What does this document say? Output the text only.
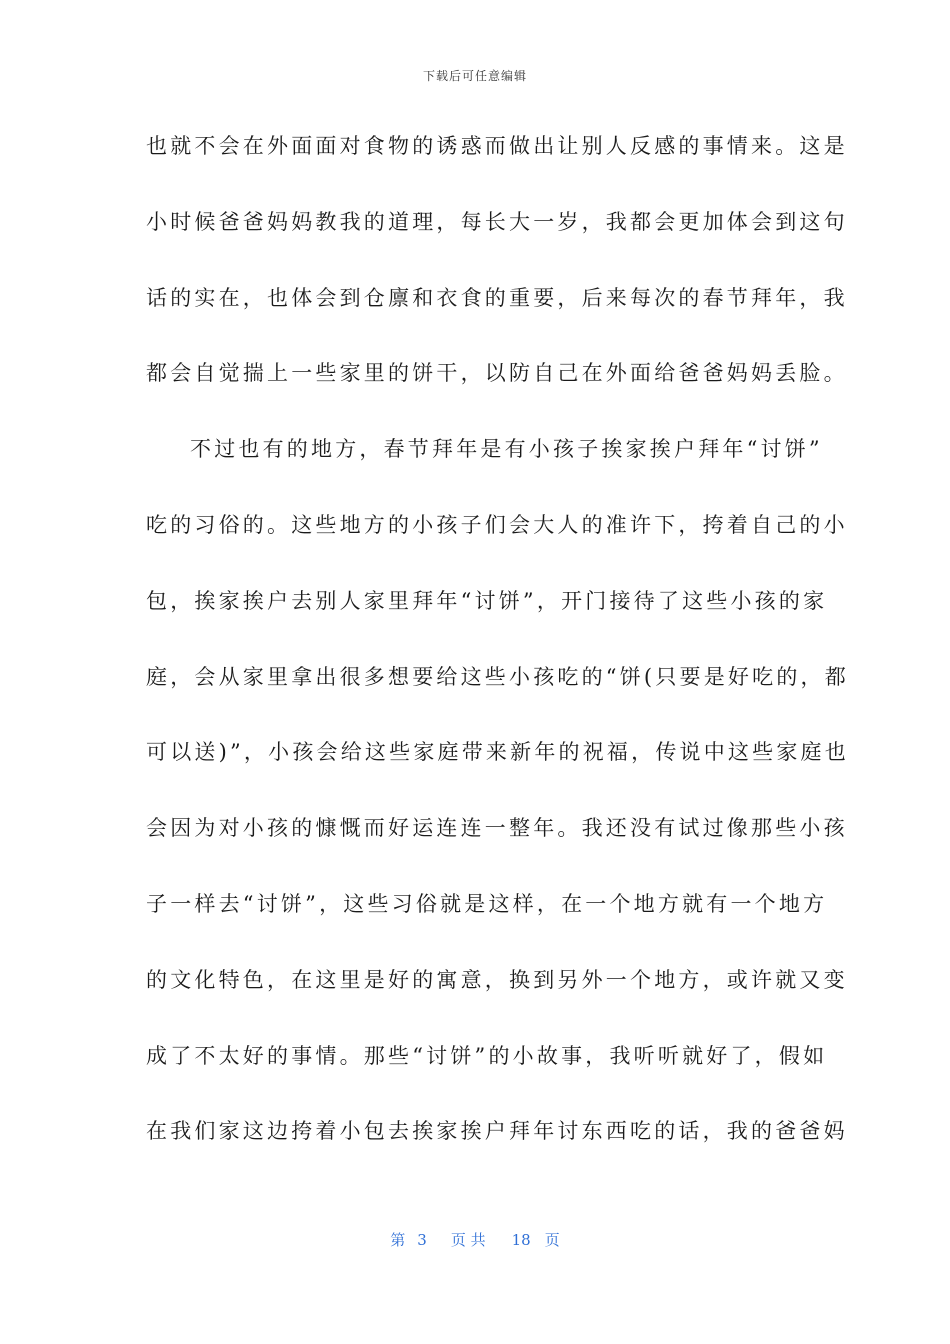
下载后可任意编辑
也就不会在外面面对食物的诱惑而做出让别人反感的事情来。这是
小时候爸爸妈妈教我的道理，每长大一岁，我都会更加体会到这句
话的实在，也体会到仓廪和衣食的重要，后来每次的春节拜年，我
都会自觉揣上一些家里的饼干，以防自己在外面给爸爸妈妈丢脸。
不过也有的地方，春节拜年是有小孩子挨家挨户拜年“讨饼”
吃的习俗的。这些地方的小孩子们会大人的准许下，挎着自己的小
包，挨家挨户去别人家里拜年“讨饼”，开门接待了这些小孩的家
庭，会从家里拿出很多想要给这些小孩吃的“饼(只要是好吃的，都
可以送)”，小孩会给这些家庭带来新年的祝福，传说中这些家庭也
会因为对小孩的慷慨而好运连连一整年。我还没有试过像那些小孩
子一样去“讨饼”，这些习俗就是这样，在一个地方就有一个地方
的文化特色，在这里是好的寓意，换到另外一个地方，或许就又变
成了不太好的事情。那些“讨饼”的小故事，我听听就好了，假如
在我们家这边挎着小包去挨家挨户拜年讨东西吃的话，我的爸爸妈
第 3 页 共 18 页
